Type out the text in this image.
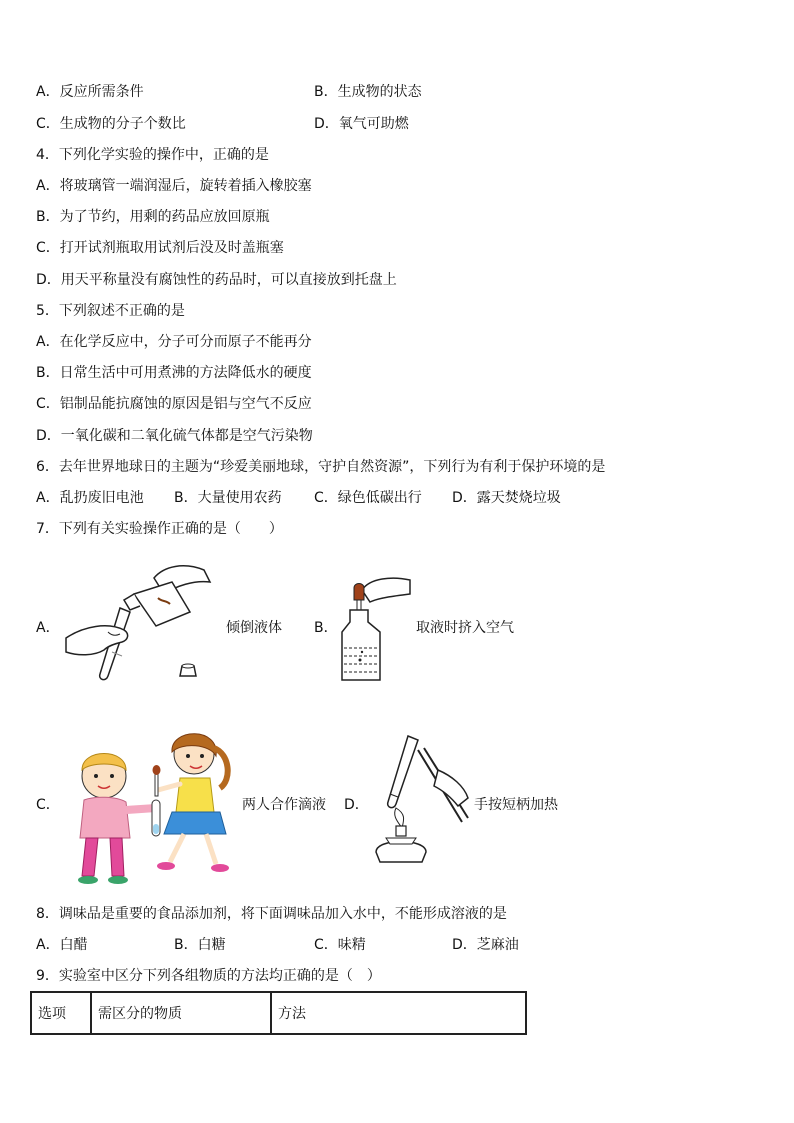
A．反应所需条件	B．生成物的状态
C．生成物的分子个数比	D．氧气可助燃
4．下列化学实验的操作中，正确的是
A．将玻璃管一端润湿后，旋转着插入橡胶塞
B．为了节约，用剩的药品应放回原瓶
C．打开试剂瓶取用试剂后没及时盖瓶塞
D．用天平称量没有腐蚀性的药品时，可以直接放到托盘上
5．下列叙述不正确的是
A．在化学反应中，分子可分而原子不能再分
B．日常生活中可用煮沸的方法降低水的硬度
C．铝制品能抗腐蚀的原因是铝与空气不反应
D．一氧化碳和二氧化硫气体都是空气污染物
6．去年世界地球日的主题为“珍爱美丽地球，守护自然资源”，下列行为有利于保护环境的是
A．乱扔废旧电池 B．大量使用农药 C．绿色低碳出行 D．露天焚烧垃圾
7．下列有关实验操作正确的是（　　）
A．	倾倒液体 B．	取液时挤入空气
C．	两人合作滴液 D．	手按短柄加热
8．调味品是重要的食品添加剂，将下面调味品加入水中，不能形成溶液的是
A．白醋	B．白糖	C．味精	D．芝麻油
9．实验室中区分下列各组物质的方法均正确的是（　）
选项	需区分的物质	方法
